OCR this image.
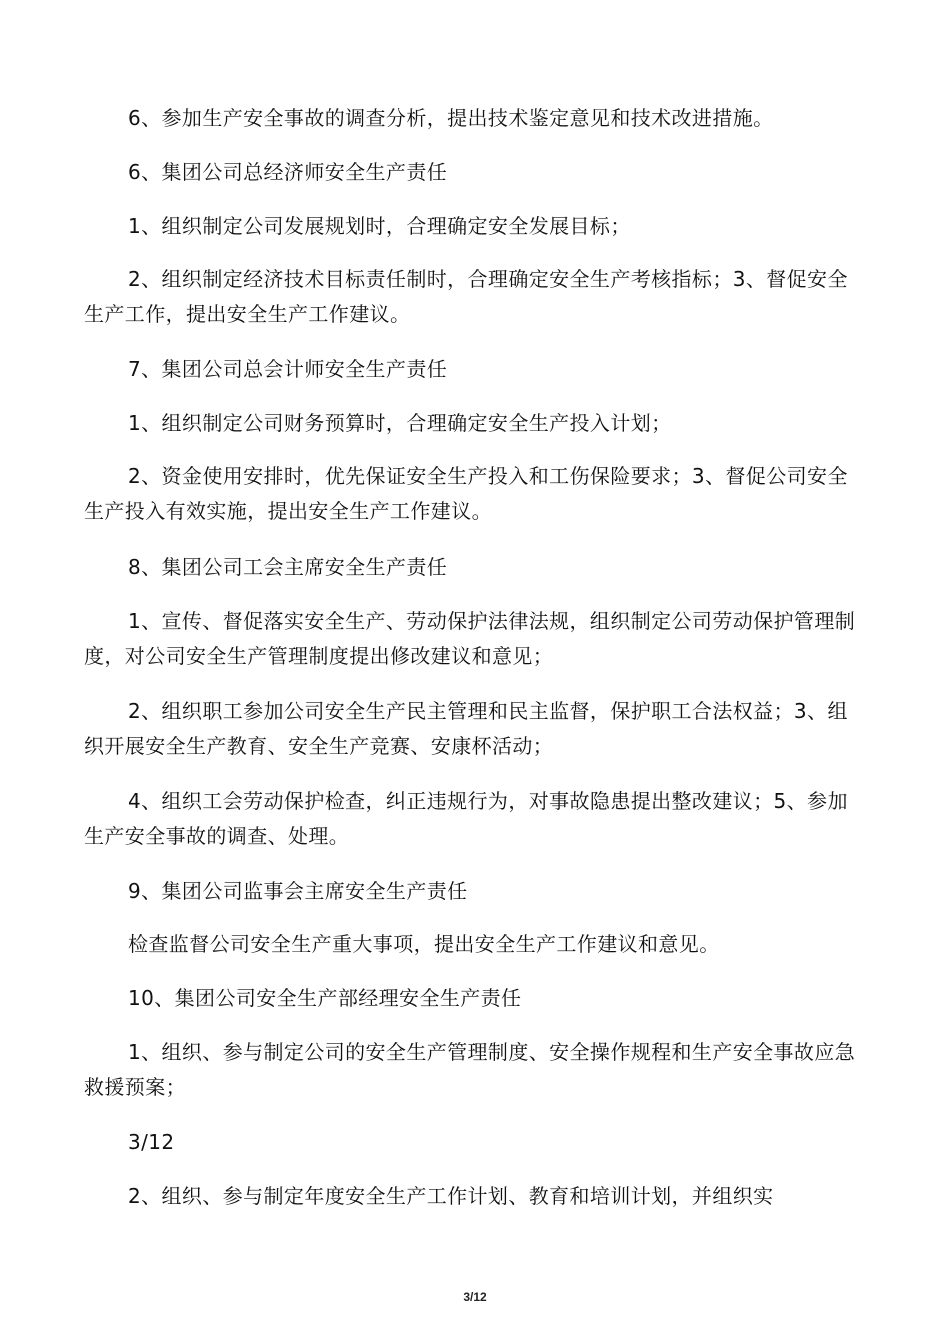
6、参加生产安全事故的调查分析，提出技术鉴定意见和技术改进措施。

6、集团公司总经济师安全生产责任

1、组织制定公司发展规划时，合理确定安全发展目标；

2、组织制定经济技术目标责任制时，合理确定安全生产考核指标；3、督促安全生产工作，提出安全生产工作建议。

7、集团公司总会计师安全生产责任

1、组织制定公司财务预算时，合理确定安全生产投入计划；

2、资金使用安排时，优先保证安全生产投入和工伤保险要求；3、督促公司安全生产投入有效实施，提出安全生产工作建议。

8、集团公司工会主席安全生产责任

1、宣传、督促落实安全生产、劳动保护法律法规，组织制定公司劳动保护管理制度，对公司安全生产管理制度提出修改建议和意见；

2、组织职工参加公司安全生产民主管理和民主监督，保护职工合法权益；3、组织开展安全生产教育、安全生产竞赛、安康杯活动；

4、组织工会劳动保护检查，纠正违规行为，对事故隐患提出整改建议；5、参加生产安全事故的调查、处理。

9、集团公司监事会主席安全生产责任

检查监督公司安全生产重大事项，提出安全生产工作建议和意见。

10、集团公司安全生产部经理安全生产责任

1、组织、参与制定公司的安全生产管理制度、安全操作规程和生产安全事故应急救援预案；

3/12

2、组织、参与制定年度安全生产工作计划、教育和培训计划，并组织实

3/12
